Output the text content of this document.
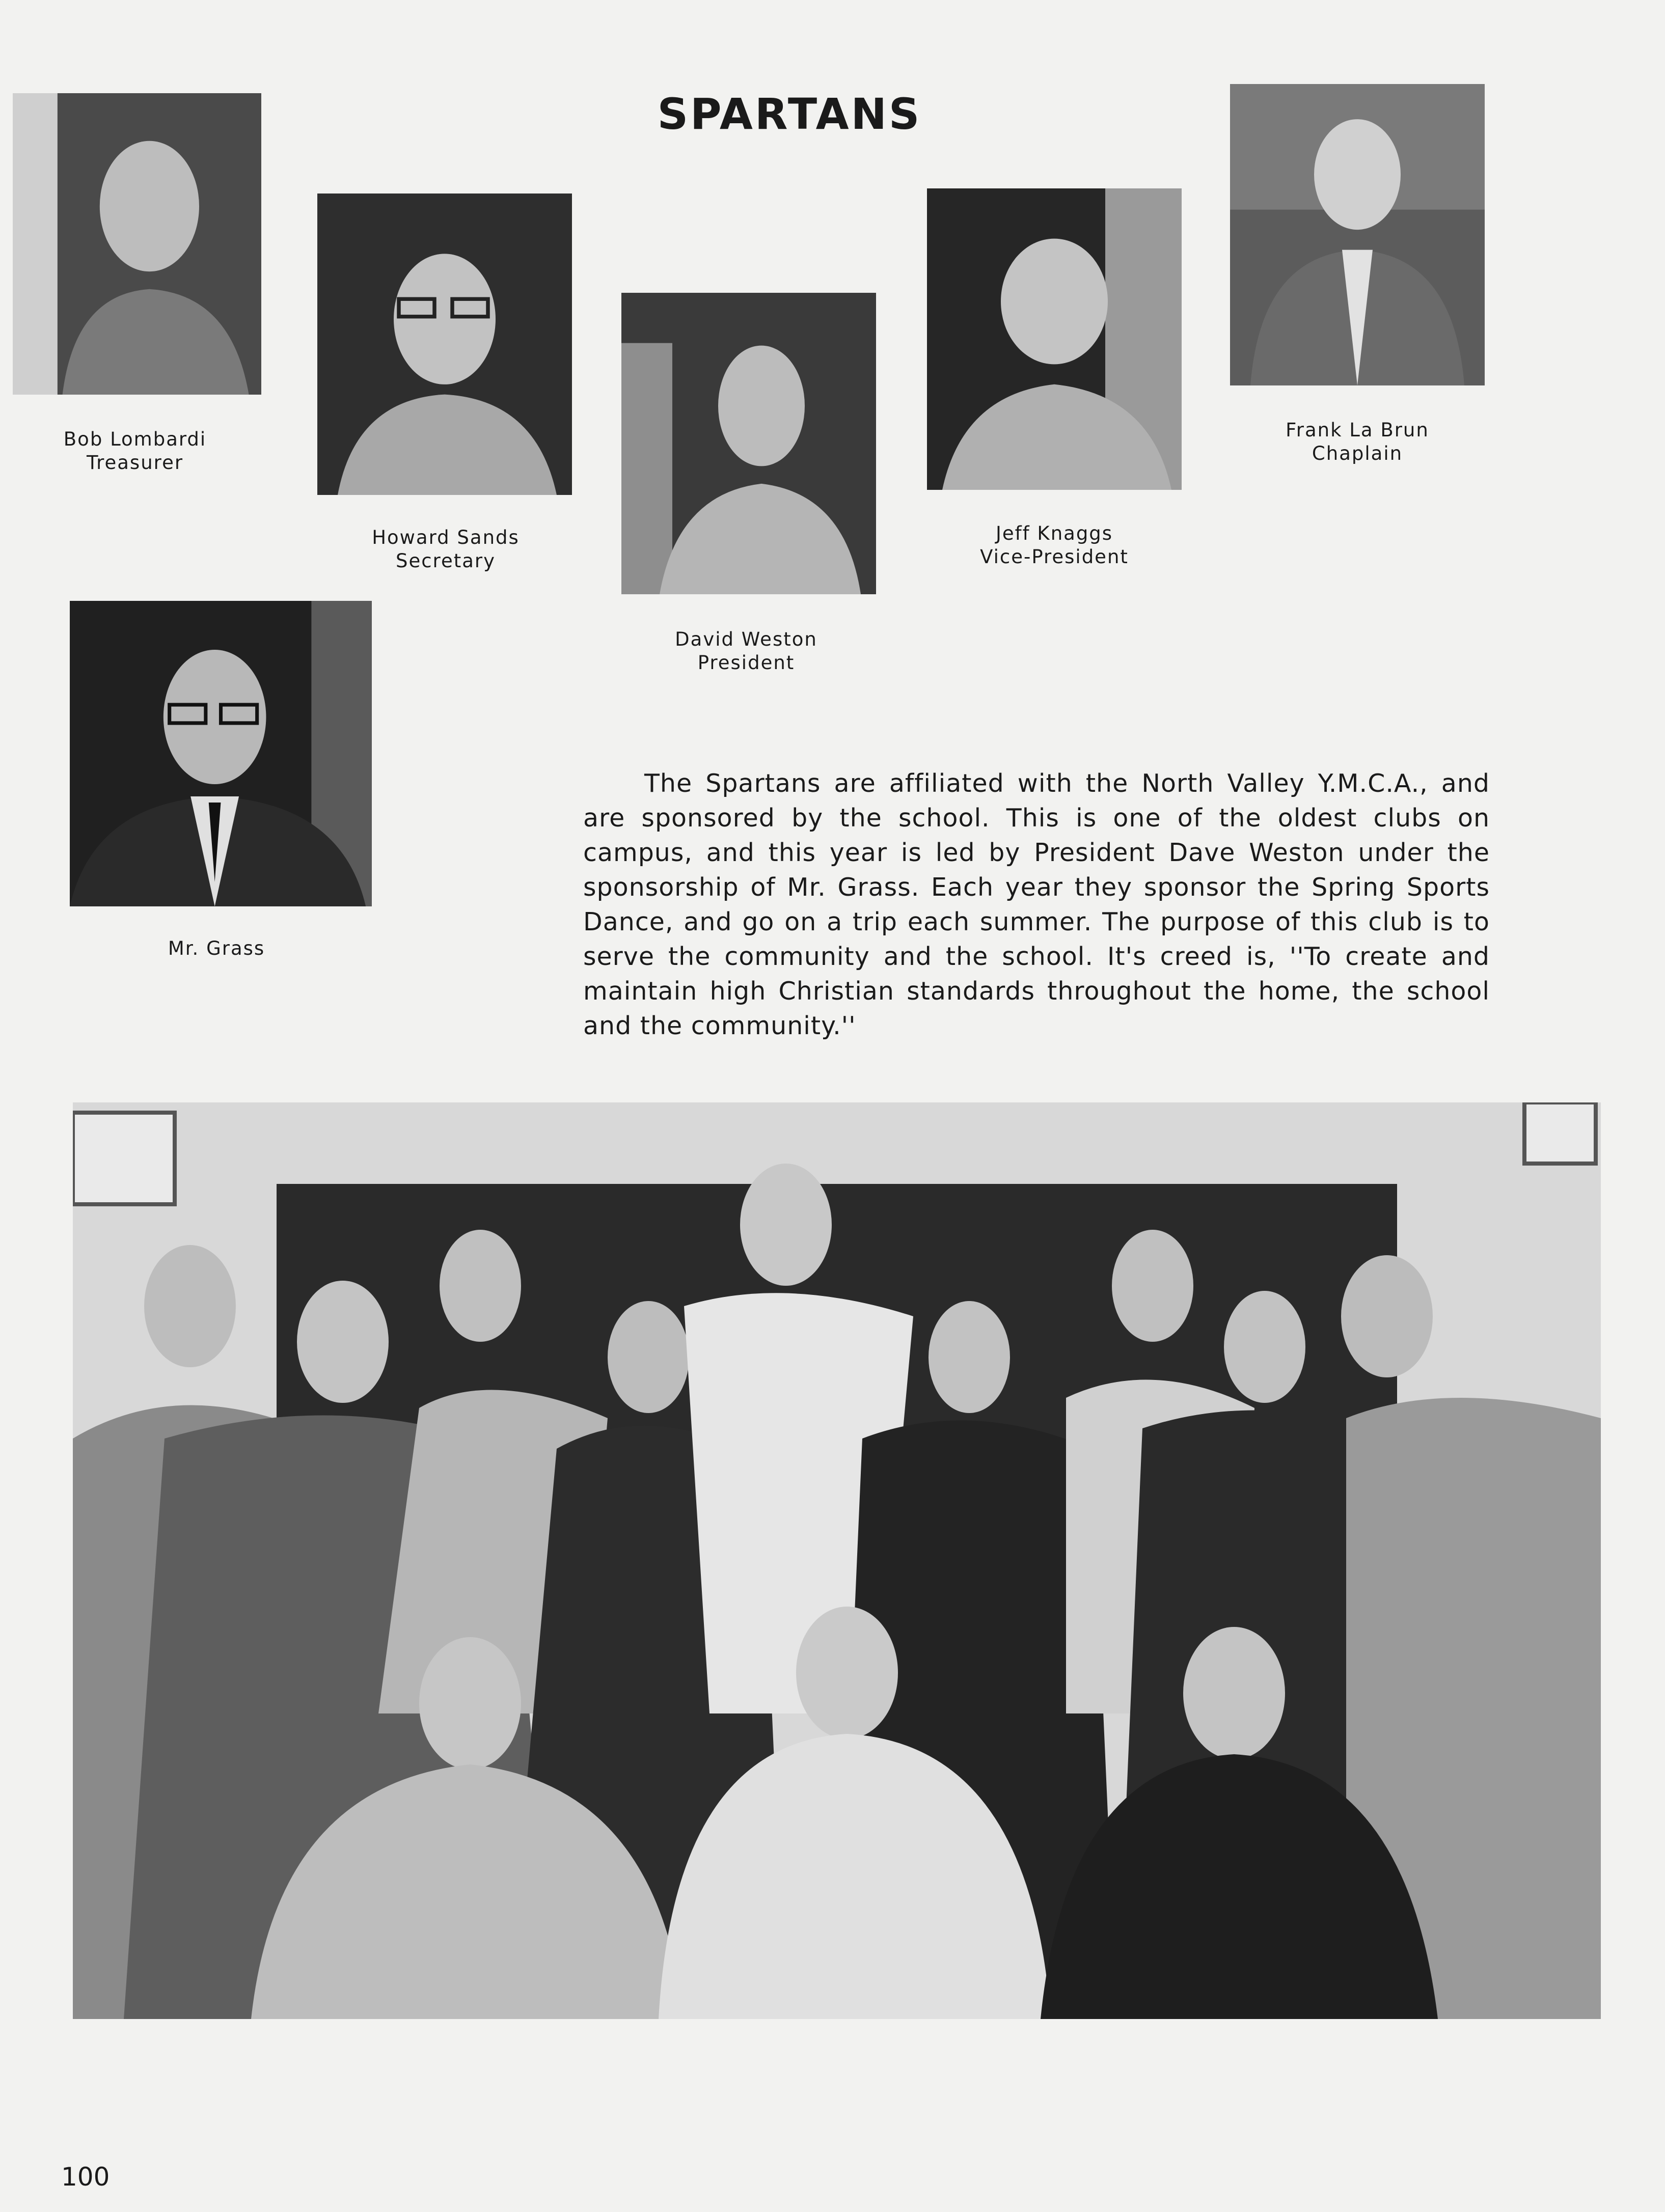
SPARTANS
Bob Lombardi
Treasurer
Howard Sands
Secretary
David Weston
President
Jeff Knaggs
Vice-President
Frank La Brun
Chaplain
Mr. Grass

The Spartans are affiliated with the North Valley Y.M.C.A., and are sponsored by the school. This is one of the oldest clubs on campus, and this year is led by President Dave Weston under the sponsorship of Mr. Grass. Each year they sponsor the Spring Sports Dance, and go on a trip each summer. The purpose of this club is to serve the community and the school. It's creed is, ''To create and maintain high Christian standards throughout the home, the school and the community.''

100
